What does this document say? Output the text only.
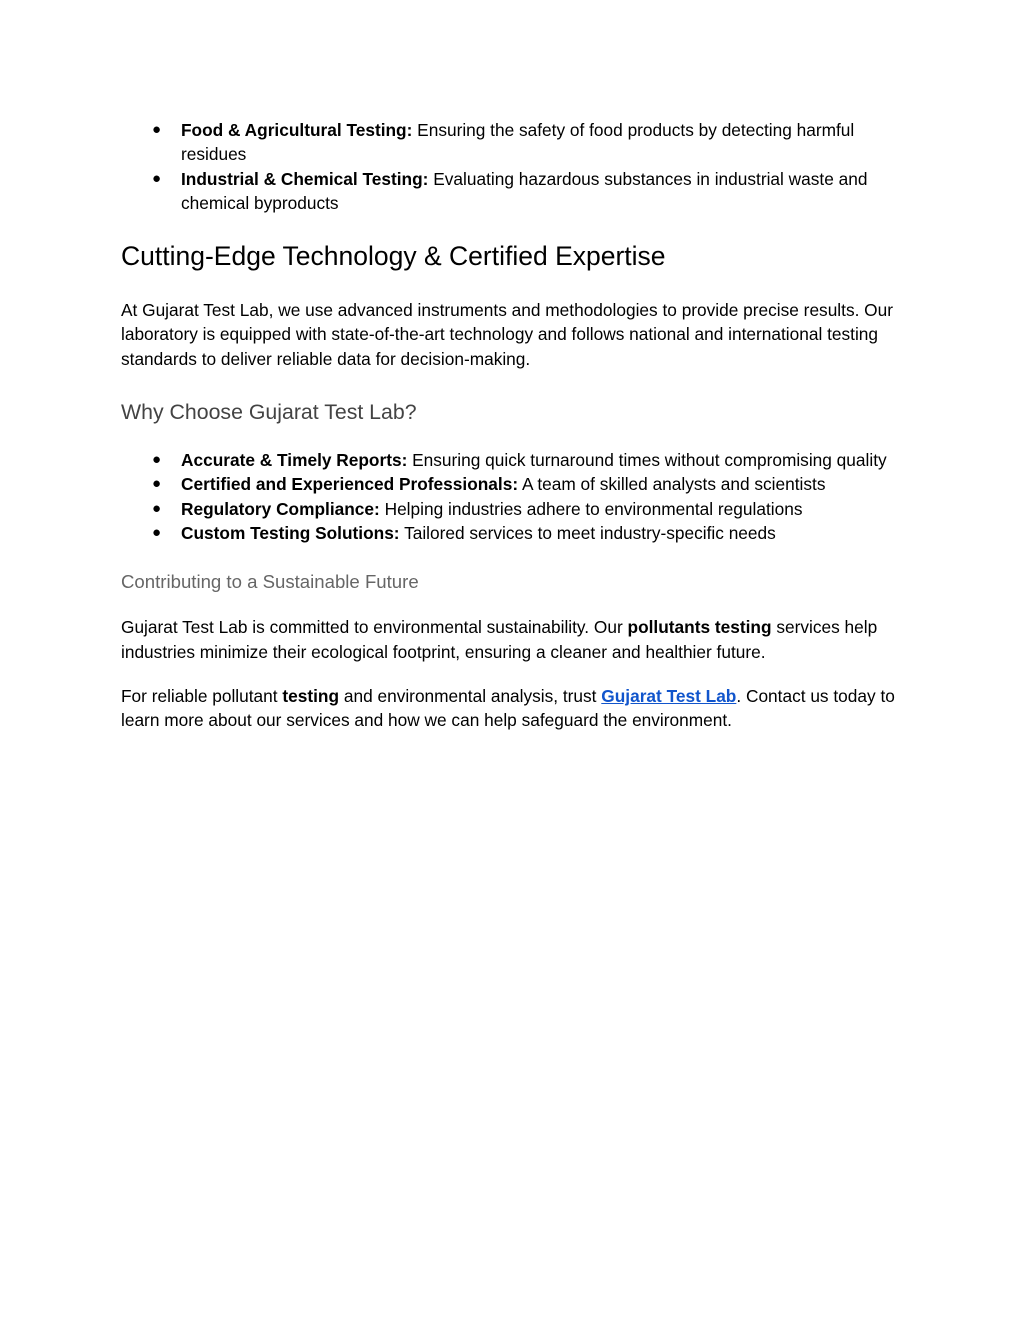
● Food & Agricultural Testing: Ensuring the safety of food products by detecting harmful residues
● Industrial & Chemical Testing: Evaluating hazardous substances in industrial waste and chemical byproducts
Cutting-Edge Technology & Certified Expertise

At Gujarat Test Lab, we use advanced instruments and methodologies to provide precise results. Our laboratory is equipped with state-of-the-art technology and follows national and international testing standards to deliver reliable data for decision-making.

Why Choose Gujarat Test Lab?
● Accurate & Timely Reports: Ensuring quick turnaround times without compromising quality
● Certified and Experienced Professionals: A team of skilled analysts and scientists
● Regulatory Compliance: Helping industries adhere to environmental regulations
● Custom Testing Solutions: Tailored services to meet industry-specific needs
Contributing to a Sustainable Future

Gujarat Test Lab is committed to environmental sustainability. Our pollutants testing services help industries minimize their ecological footprint, ensuring a cleaner and healthier future.

For reliable pollutant testing and environmental analysis, trust Gujarat Test Lab. Contact us today to learn more about our services and how we can help safeguard the environment.
